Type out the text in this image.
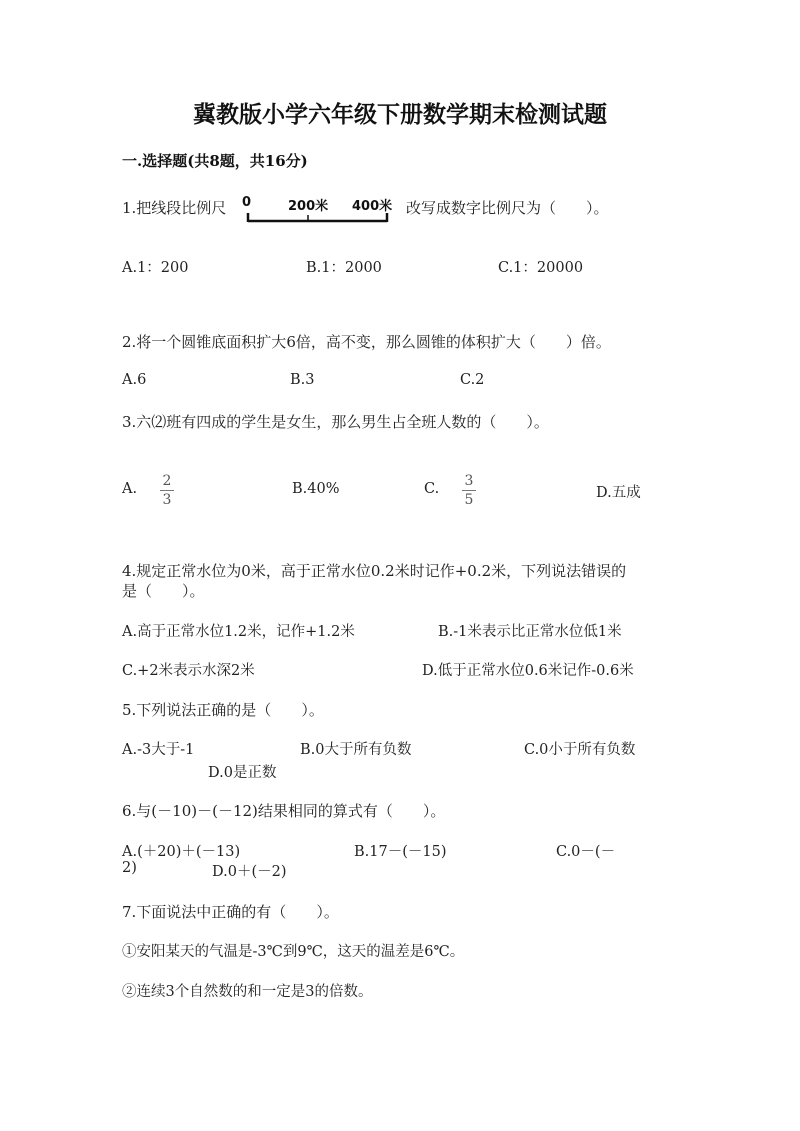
冀教版小学六年级下册数学期末检测试题
一.选择题(共8题，共16分)
1.把线段比例尺 0	200米 400米 改写成数字比例尺为（　　）。
A.1：200	B.1：2000	C.1：20000
2.将一个圆锥底面积扩大6倍，高不变，那么圆锥的体积扩大（　　）倍。
A.6	B.3	C.2
3.六⑵班有四成的学生是女生，那么男生占全班人数的（　　）。
A. 2
3
B.40%	C. 3
5	D.五成
4.规定正常水位为0米，高于正常水位0.2米时记作+0.2米，下列说法错误的
是（　　）。
A.高于正常水位1.2米，记作+1.2米	B.-1米表示比正常水位低1米
C.+2米表示水深2米	D.低于正常水位0.6米记作-0.6米
5.下列说法正确的是（　　）。
A.-3大于-1	B.0大于所有负数	C.0小于所有负数
D.0是正数
6.与(－10)－(－12)结果相同的算式有（　　）。
A.(＋20)＋(－13)	B.17－(－15)	C.0－(－
2)	D.0＋(－2)
7.下面说法中正确的有（　　）。
①安阳某天的气温是-3℃到9℃，这天的温差是6℃。
②连续3个自然数的和一定是3的倍数。
